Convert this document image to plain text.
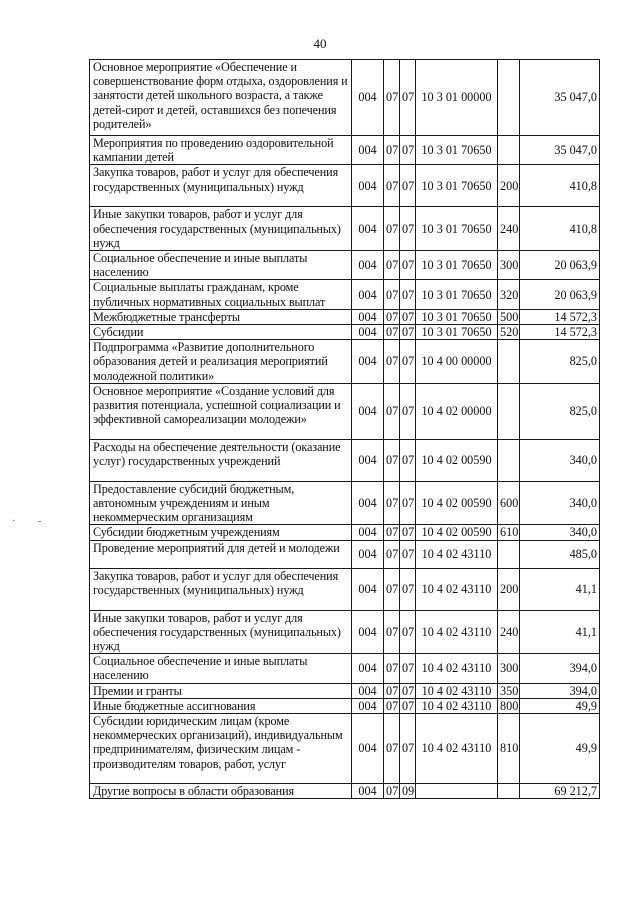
40
Основное мероприятие «Обеспечение и совершенствование форм отдыха, оздоровления и занятости детей школьного возраста, а также детей-сирот и детей, оставшихся без попечения родителей»	004	07	07	10 3 01 00000		35 047,0
Мероприятия по проведению оздоровительной кампании детей	004	07	07	10 3 01 70650		35 047,0
Закупка товаров, работ и услуг для обеспечения государственных (муниципальных) нужд	004	07	07	10 3 01 70650	200	410,8
Иные закупки товаров, работ и услуг для обеспечения государственных (муниципальных) нужд	004	07	07	10 3 01 70650	240	410,8
Социальное обеспечение и иные выплаты населению	004	07	07	10 3 01 70650	300	20 063,9
Социальные выплаты гражданам, кроме публичных нормативных социальных выплат	004	07	07	10 3 01 70650	320	20 063,9
Межбюджетные трансферты	004	07	07	10 3 01 70650	500	14 572,3
Субсидии	004	07	07	10 3 01 70650	520	14 572,3
Подпрограмма «Развитие дополнительного образования детей и реализация мероприятий молодежной политики»	004	07	07	10 4 00 00000		825,0
Основное мероприятие «Создание условий для развития потенциала, успешной социализации и эффективной самореализации молодежи»	004	07	07	10 4 02 00000		825,0
Расходы на обеспечение деятельности (оказание услуг) государственных учреждений	004	07	07	10 4 02 00590		340,0
Предоставление субсидий бюджетным, автономным учреждениям и иным некоммерческим организациям	004	07	07	10 4 02 00590	600	340,0
Субсидии бюджетным учреждениям	004	07	07	10 4 02 00590	610	340,0
Проведение мероприятий для детей и молодежи	004	07	07	10 4 02 43110		485,0
Закупка товаров, работ и услуг для обеспечения государственных (муниципальных) нужд	004	07	07	10 4 02 43110	200	41,1
Иные закупки товаров, работ и услуг для обеспечения государственных (муниципальных) нужд	004	07	07	10 4 02 43110	240	41,1
Социальное обеспечение и иные выплаты населению	004	07	07	10 4 02 43110	300	394,0
Премии и гранты	004	07	07	10 4 02 43110	350	394,0
Иные бюджетные ассигнования	004	07	07	10 4 02 43110	800	49,9
Субсидии юридическим лицам (кроме некоммерческих организаций), индивидуальным предпринимателям, физическим лицам - производителям товаров, работ, услуг	004	07	07	10 4 02 43110	810	49,9
Другие вопросы в области образования	004	07	09			69 212,7
· -
